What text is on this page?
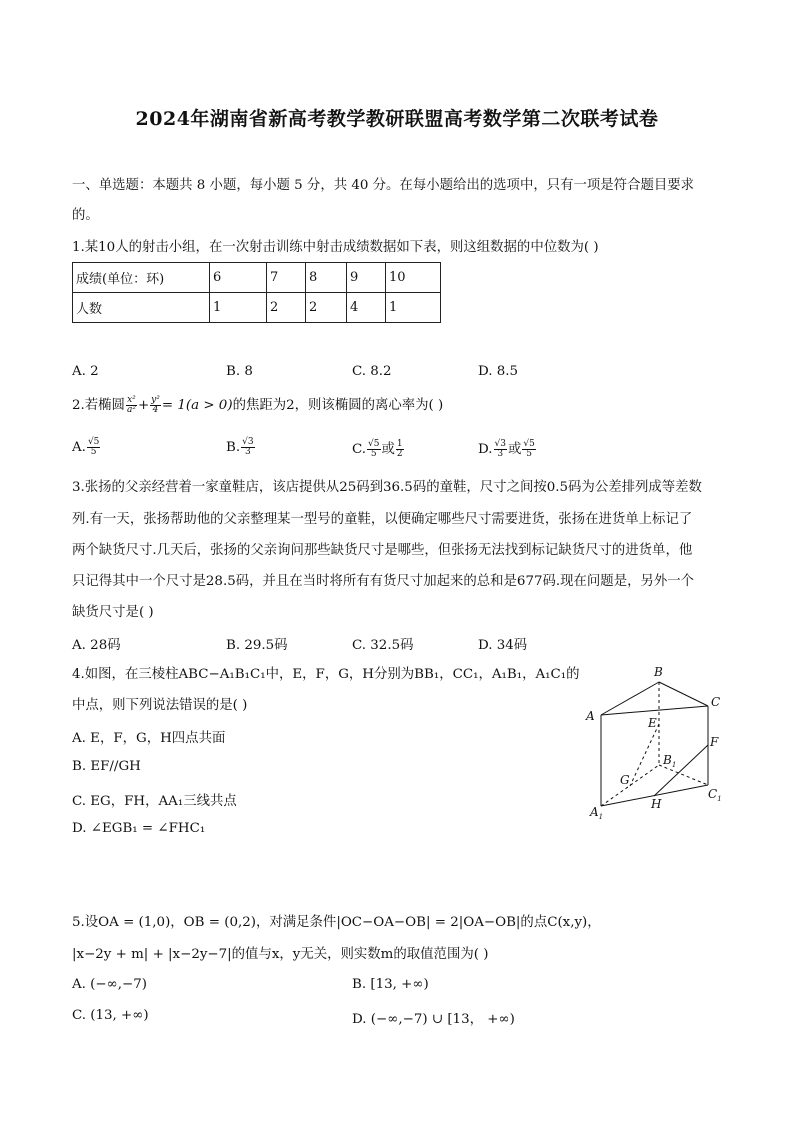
2024年湖南省新高考教学教研联盟高考数学第二次联考试卷
一、单选题：本题共 8 小题，每小题 5 分，共 40 分。在每小题给出的选项中，只有一项是符合题目要求
的。
1.某10人的射击小组，在一次射击训练中射击成绩数据如下表，则这组数据的中位数为( )
成绩(单位：环)	6	7	8	9	10
人数	1	2	2	4	1
A. 2	B. 8	C. 8.2	D. 8.5
2.若椭圆 $\frac{\text{x²}}{\text{a²}} + \frac{\text{y²}}{4} = 1(a > 0)$的焦距为2，则该椭圆的离心率为( )
A. $\frac{√5}{5}$	B. $\frac{√3}{3}$	C. $\frac{√5}{5}$ 或 $\frac{1}{2}$	D. $\frac{√3}{3}$ 或 $\frac{√5}{5}$
3.张扬的父亲经营着一家童鞋店，该店提供从25码到36.5码的童鞋，尺寸之间按0.5码为公差排列成等差数
列.有一天，张扬帮助他的父亲整理某一型号的童鞋，以便确定哪些尺寸需要进货，张扬在进货单上标记了
两个缺货尺寸.几天后，张扬的父亲询问那些缺货尺寸是哪些，但张扬无法找到标记缺货尺寸的进货单，他
只记得其中一个尺寸是28.5码，并且在当时将所有有货尺寸加起来的总和是677码.现在问题是，另外一个
缺货尺寸是( )
A. 28码	B. 29.5码	C. 32.5码	D. 34码
4.如图，在三棱柱ABC−A₁B₁C₁中，E，F，G，H分别为BB₁，CC₁，A₁B₁，A₁C₁的
中点，则下列说法错误的是( )
A. E，F，G，H四点共面
B. EF//GH
C. EG，FH，AA₁三线共点
D. ∠EGB₁ = ∠FHC₁
B
A
C
E
F
G
H
$B_1$
$A_1$
$C_1$
5.设OA = (1,0)，OB = (0,2)，对满足条件|OC−OA−OB| = 2|OA−OB|的点C(x,y)，
|x−2y + m| + |x−2y−7|的值与x，y无关，则实数m的取值范围为( )
A. (−∞,−7)	B. [13, +∞)
C. (13, +∞)	D. (−∞,−7) ∪ [13， +∞)
